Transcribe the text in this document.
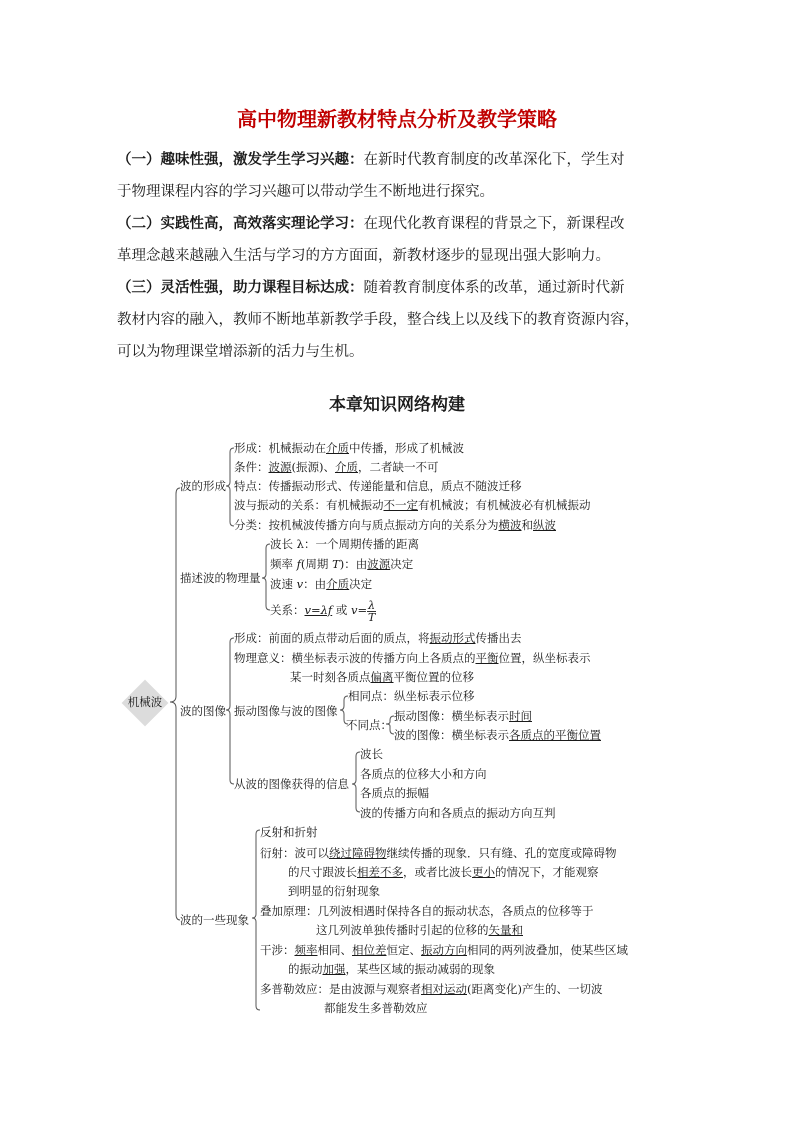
高中物理新教材特点分析及教学策略
（一）趣味性强，激发学生学习兴趣：在新时代教育制度的改革深化下，学生对
于物理课程内容的学习兴趣可以带动学生不断地进行探究。
（二）实践性高，高效落实理论学习：在现代化教育课程的背景之下，新课程改
革理念越来越融入生活与学习的方方面面，新教材逐步的显现出强大影响力。
（三）灵活性强，助力课程目标达成：随着教育制度体系的改革，通过新时代新
教材内容的融入，教师不断地革新教学手段，整合线上以及线下的教育资源内容，
可以为物理课堂增添新的活力与生机。
本章知识网络构建
机械波
波的形成
形成：机械振动在介质中传播，形成了机械波
条件：波源(振源)、介质，二者缺一不可
特点：传播振动形式、传递能量和信息，质点不随波迁移
波与振动的关系：有机械振动不一定有机械波；有机械波必有机械振动
分类：按机械波传播方向与质点振动方向的关系分为横波和纵波
描述波的物理量
波长 λ：一个周期传播的距离
频率 f(周期 T)：由波源决定
波速 v：由介质决定
关系：v=λf 或 $v= \frac{\lambda}{T}$
波的图像
形成：前面的质点带动后面的质点，将振动形式传播出去
物理意义：横坐标表示波的传播方向上各质点的平衡位置，纵坐标表示
某一时刻各质点偏离平衡位置的位移
振动图像与波的图像
相同点：纵坐标表示位移
不同点：
振动图像：横坐标表示时间
波的图像：横坐标表示各质点的平衡位置
从波的图像获得的信息
波长
各质点的位移大小和方向
各质点的振幅
波的传播方向和各质点的振动方向互判
波的一些现象
反射和折射
衍射：波可以绕过障碍物继续传播的现象．只有缝、孔的宽度或障碍物
的尺寸跟波长相差不多，或者比波长更小的情况下，才能观察
到明显的衍射现象
叠加原理：几列波相遇时保持各自的振动状态，各质点的位移等于
这几列波单独传播时引起的位移的矢量和
干涉：频率相同、相位差恒定、振动方向相同的两列波叠加，使某些区域
的振动加强，某些区域的振动减弱的现象
多普勒效应：是由波源与观察者相对运动(距离变化)产生的、一切波
都能发生多普勒效应
